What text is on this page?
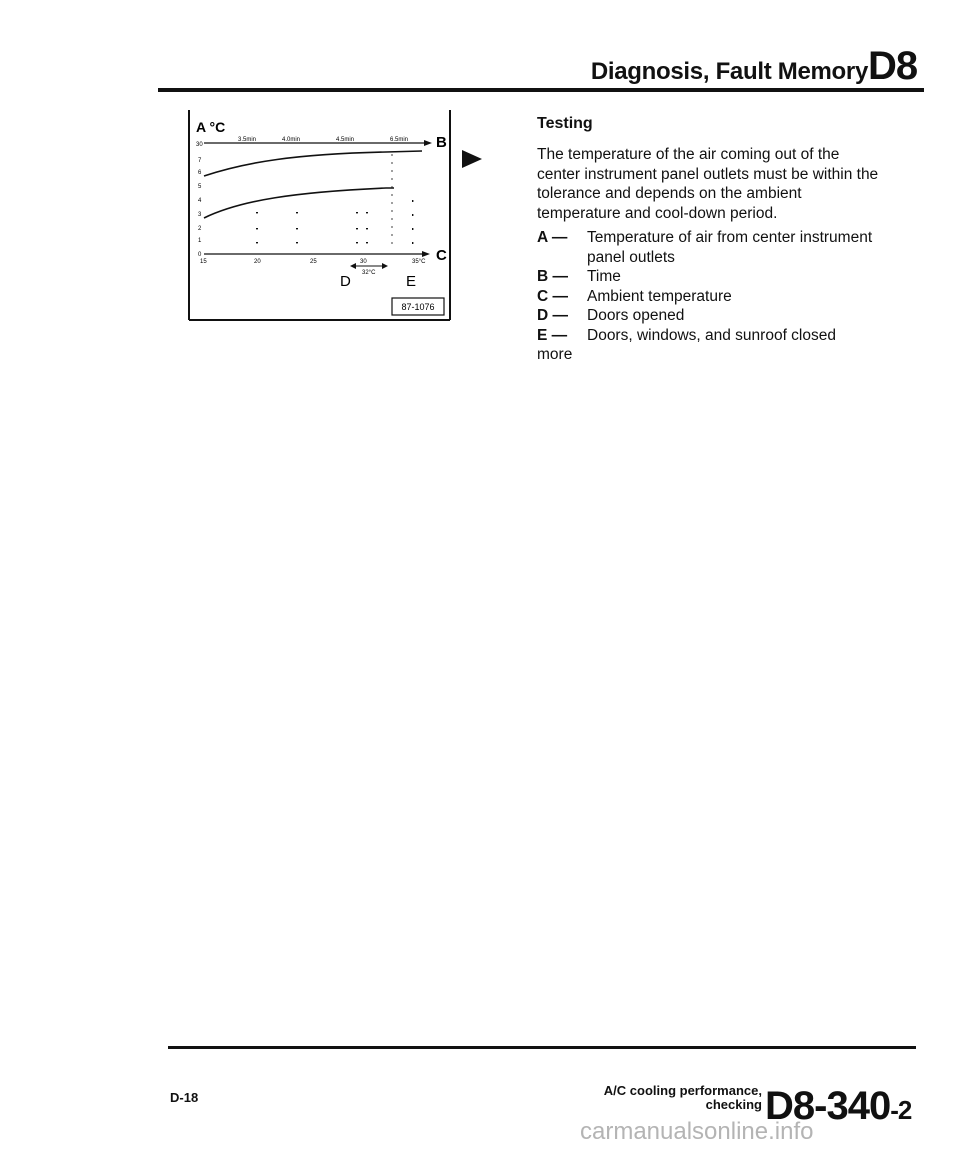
Diagnosis, Fault Memory D8
A °C
3.5min	4.0min	4.5min	6.5min B
30
7
6
5
4
3
2
1
0	C
15	20	25	30	35°C
32°C
D	E
87-1076
Testing
The temperature of the air coming out of the center instrument panel outlets must be within the tolerance and depends on the ambient temperature and cool-down period.
A — Temperature of air from center instrument panel outlets
B — Time
C — Ambient temperature
D — Doors opened
E — Doors, windows, and sunroof closed
more
D-18	A/C cooling performance,
checking D8-340-2
carmanualsonline.info
